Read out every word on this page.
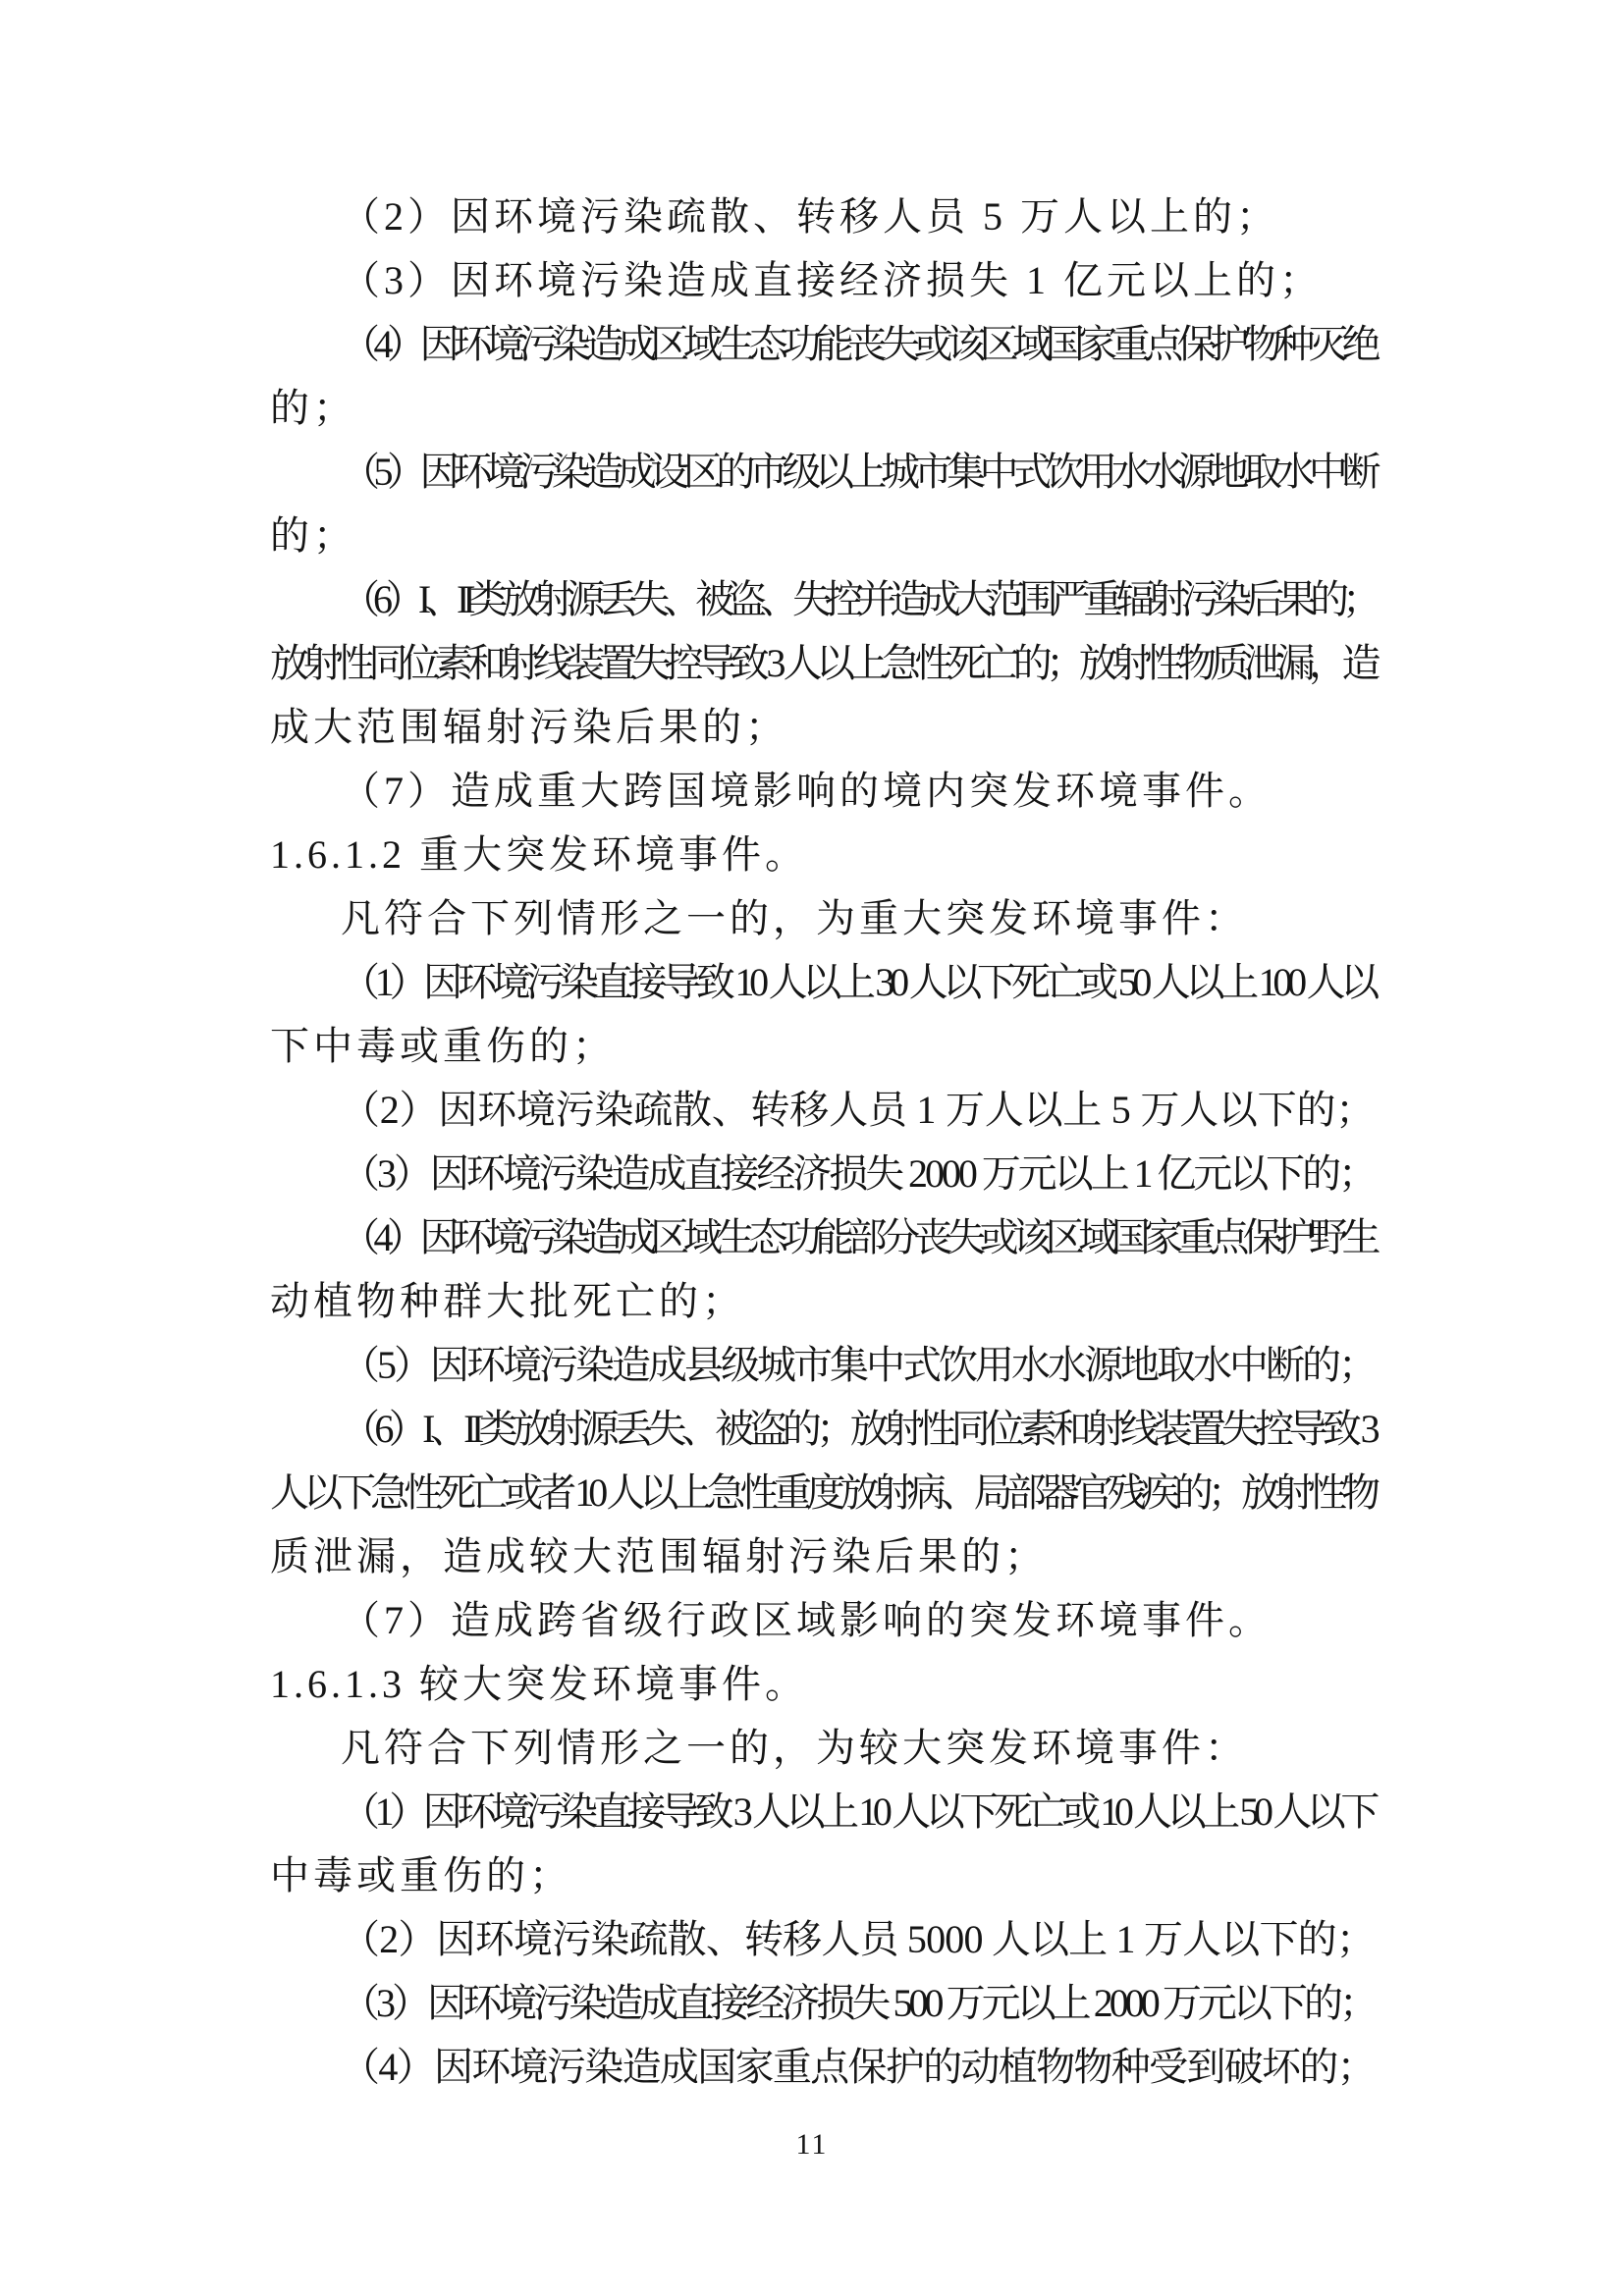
（2）因环境污染疏散、转移人员 5 万人以上的；
（3）因环境污染造成直接经济损失 1 亿元以上的；
（4）因环境污染造成区域生态功能丧失或该区域国家重点保护物种灭绝
的；
（5）因环境污染造成设区的市级以上城市集中式饮用水水源地取水中断
的；
（6）I、II类放射源丢失、被盗、失控并造成大范围严重辐射污染后果的；
放射性同位素和射线装置失控导致 3 人以上急性死亡的；放射性物质泄漏，造
成大范围辐射污染后果的；
（7）造成重大跨国境影响的境内突发环境事件。
1.6.1.2 重大突发环境事件。
凡符合下列情形之一的，为重大突发环境事件：
（1）因环境污染直接导致 10 人以上 30 人以下死亡或 50 人以上 100 人以
下中毒或重伤的；
（2）因环境污染疏散、转移人员 1 万人以上 5 万人以下的；
（3）因环境污染造成直接经济损失 2000 万元以上 1 亿元以下的；
（4）因环境污染造成区域生态功能部分丧失或该区域国家重点保护野生
动植物种群大批死亡的；
（5）因环境污染造成县级城市集中式饮用水水源地取水中断的；
（6）I、II类放射源丢失、被盗的；放射性同位素和射线装置失控导致 3
人以下急性死亡或者 10 人以上急性重度放射病、局部器官残疾的；放射性物
质泄漏，造成较大范围辐射污染后果的；
（7）造成跨省级行政区域影响的突发环境事件。
1.6.1.3 较大突发环境事件。
凡符合下列情形之一的，为较大突发环境事件：
（1）因环境污染直接导致 3 人以上 10 人以下死亡或 10 人以上 50 人以下
中毒或重伤的；
（2）因环境污染疏散、转移人员 5000 人以上 1 万人以下的；
（3）因环境污染造成直接经济损失 500 万元以上 2000 万元以下的；
（4）因环境污染造成国家重点保护的动植物物种受到破坏的；
11
